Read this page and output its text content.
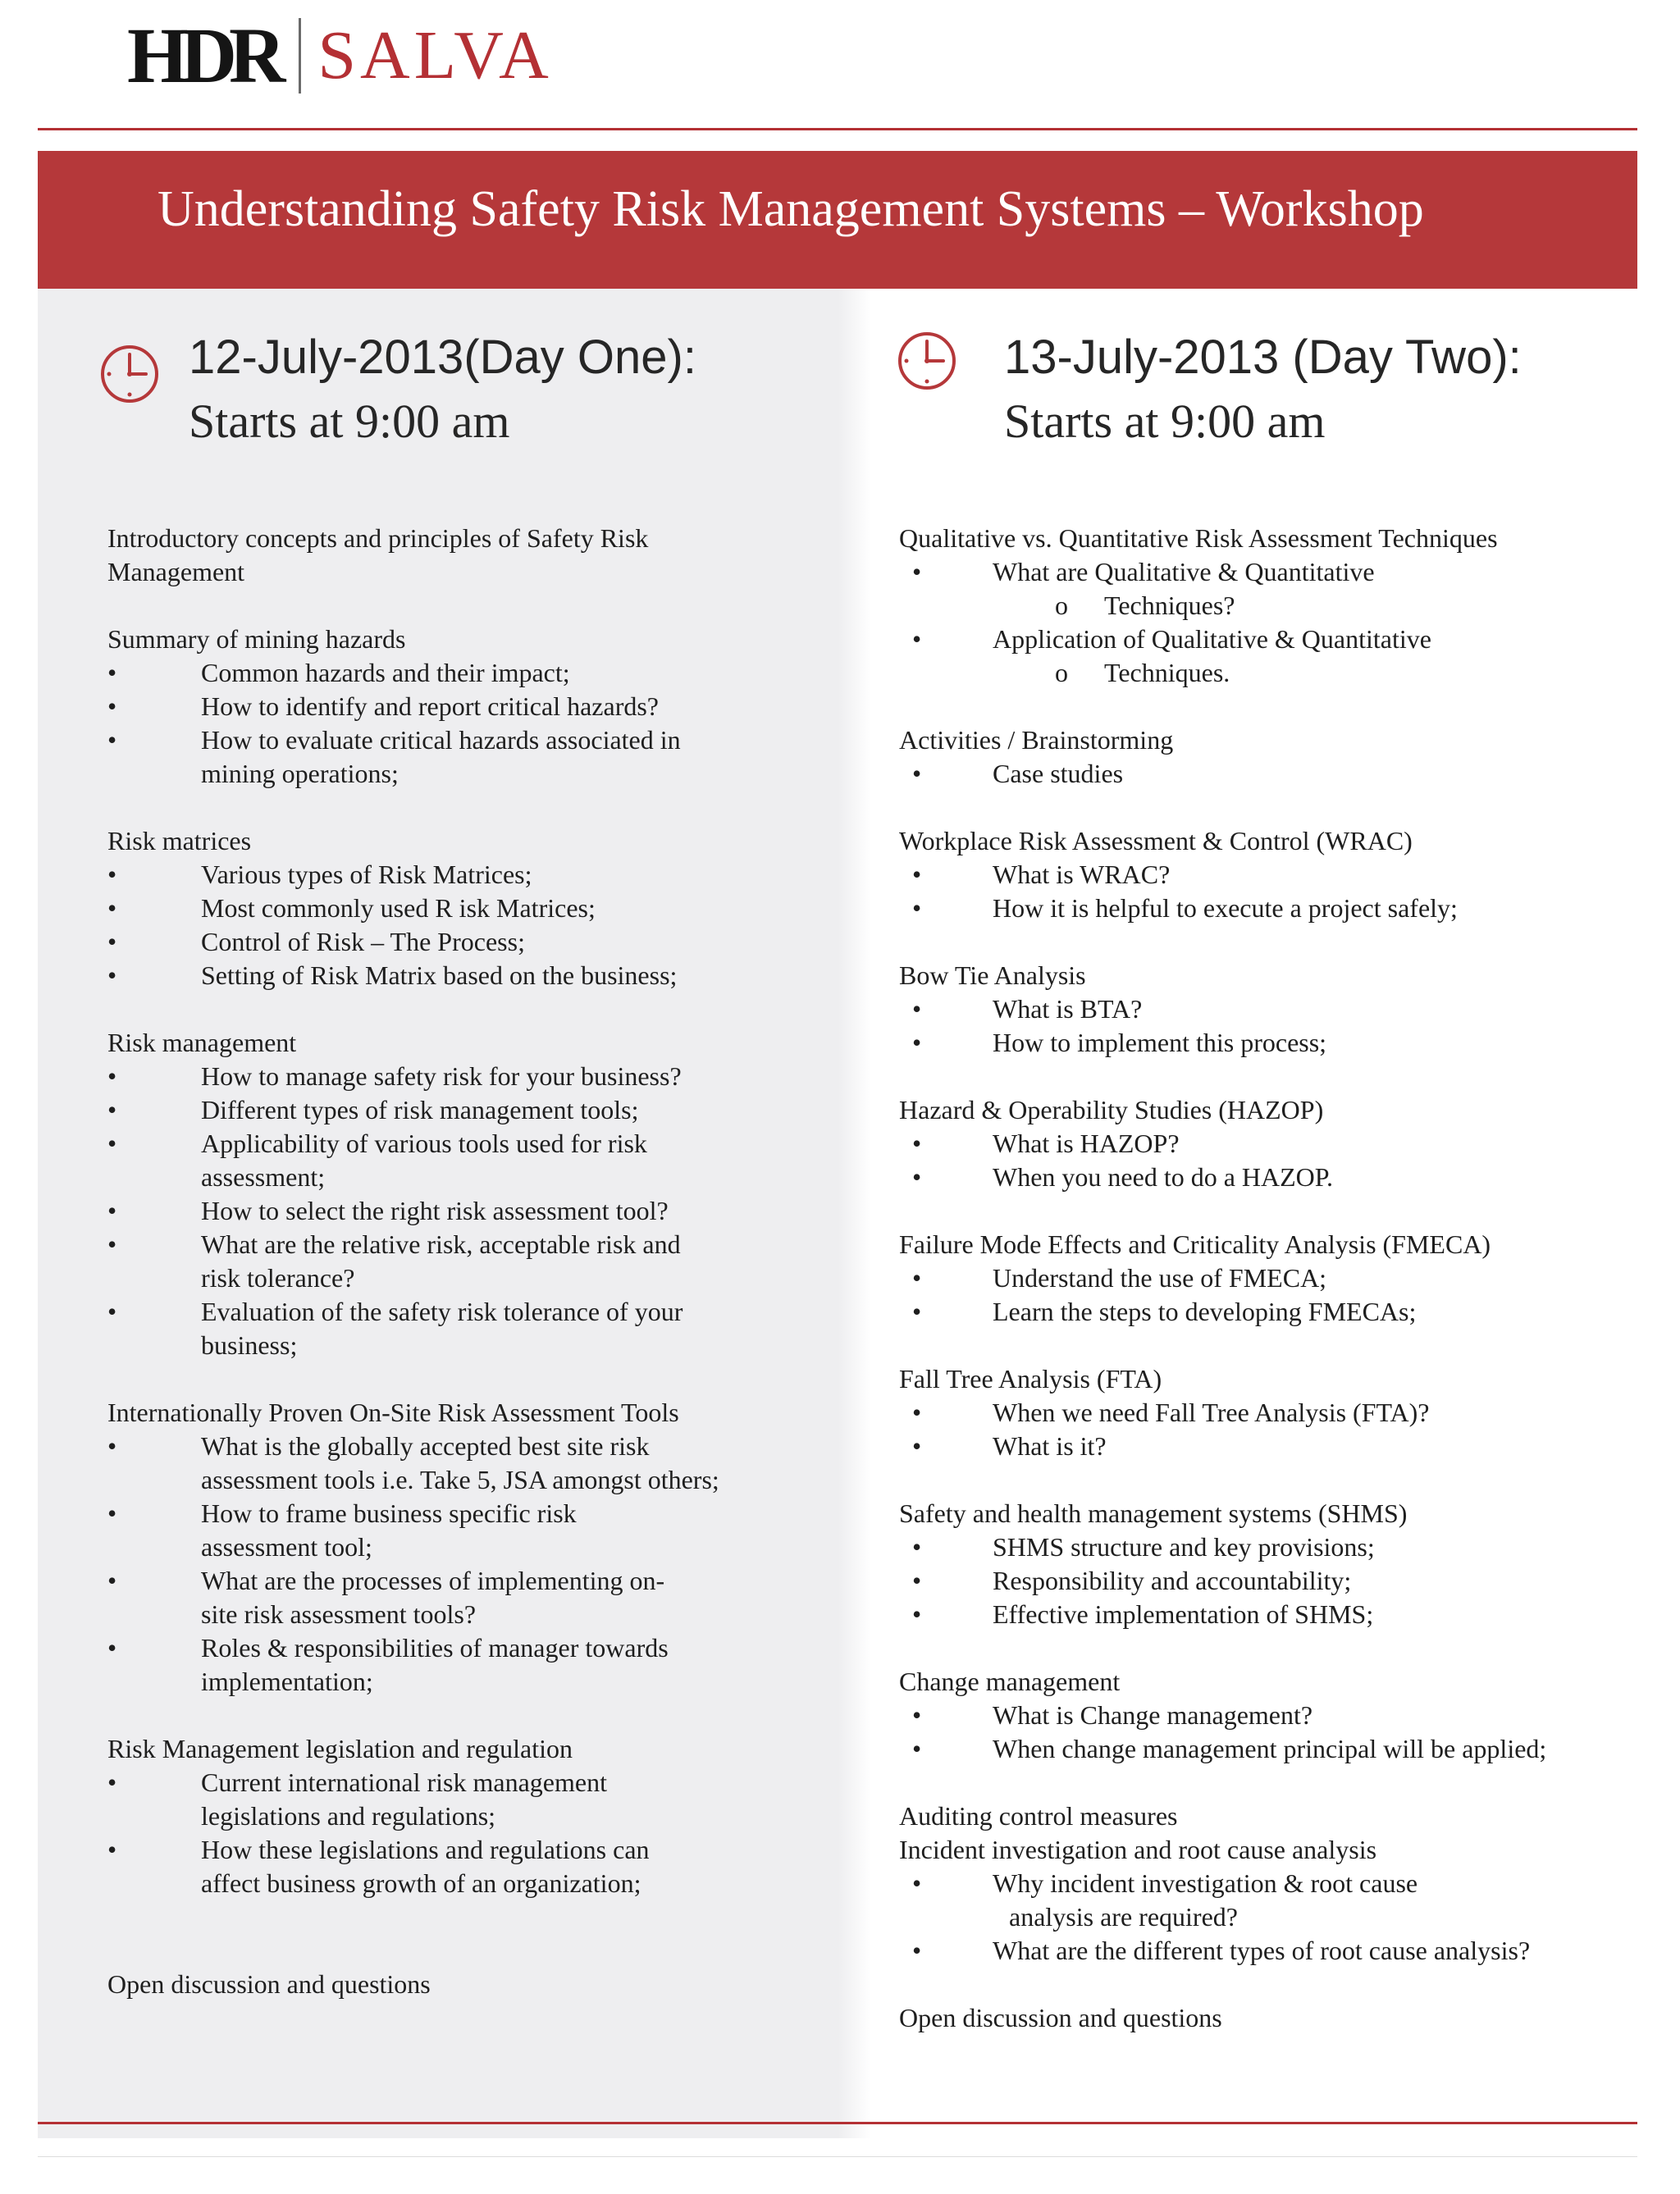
HDR SALVA
Understanding Safety Risk Management Systems – Workshop
12-July-2013(Day One):
Starts at 9:00 am
13-July-2013 (Day Two):
Starts at 9:00 am
Introductory concepts and principles of Safety Risk
Management
Summary of mining hazards
•	Common hazards and their impact;
•	How to identify and report critical hazards?
•	How to evaluate critical hazards associated in
mining operations;
Risk matrices
•	Various types of Risk Matrices;
•	Most commonly used R isk Matrices;
•	Control of Risk – The Process;
•	Setting of Risk Matrix based on the business;
Risk management
•	How to manage safety risk for your business?
•	Different types of risk management tools;
•	Applicability of various tools used for risk
assessment;
•	How to select the right risk assessment tool?
•	What are the relative risk, acceptable risk and
risk tolerance?
•	Evaluation of the safety risk tolerance of your
business;
Internationally Proven On-Site Risk Assessment Tools
•	What is the globally accepted best site risk
assessment tools i.e. Take 5, JSA amongst others;
•	How to frame business specific risk
assessment tool;
•	What are the processes of implementing on-
site risk assessment tools?
•	Roles & responsibilities of manager towards
implementation;
Risk Management legislation and regulation
•	Current international risk management
legislations and regulations;
•	How these legislations and regulations can
affect business growth of an organization;
Open discussion and questions
Qualitative vs. Quantitative Risk Assessment Techniques
•	What are Qualitative & Quantitative
o	Techniques?
•	Application of Qualitative & Quantitative
o	Techniques.
Activities / Brainstorming
•	Case studies
Workplace Risk Assessment & Control (WRAC)
•	What is WRAC?
•	How it is helpful to execute a project safely;
Bow Tie Analysis
•	What is BTA?
•	How to implement this process;
Hazard & Operability Studies (HAZOP)
•	What is HAZOP?
•	When you need to do a HAZOP.
Failure Mode Effects and Criticality Analysis (FMECA)
•	Understand the use of FMECA;
•	Learn the steps to developing FMECAs;
Fall Tree Analysis (FTA)
•	When we need Fall Tree Analysis (FTA)?
•	What is it?
Safety and health management systems (SHMS)
•	SHMS structure and key provisions;
•	Responsibility and accountability;
•	Effective implementation of SHMS;
Change management
•	What is Change management?
•	When change management principal will be applied;
Auditing control measures
Incident investigation and root cause analysis
•	Why incident investigation & root cause
analysis are required?
•	What are the different types of root cause analysis?
Open discussion and questions
